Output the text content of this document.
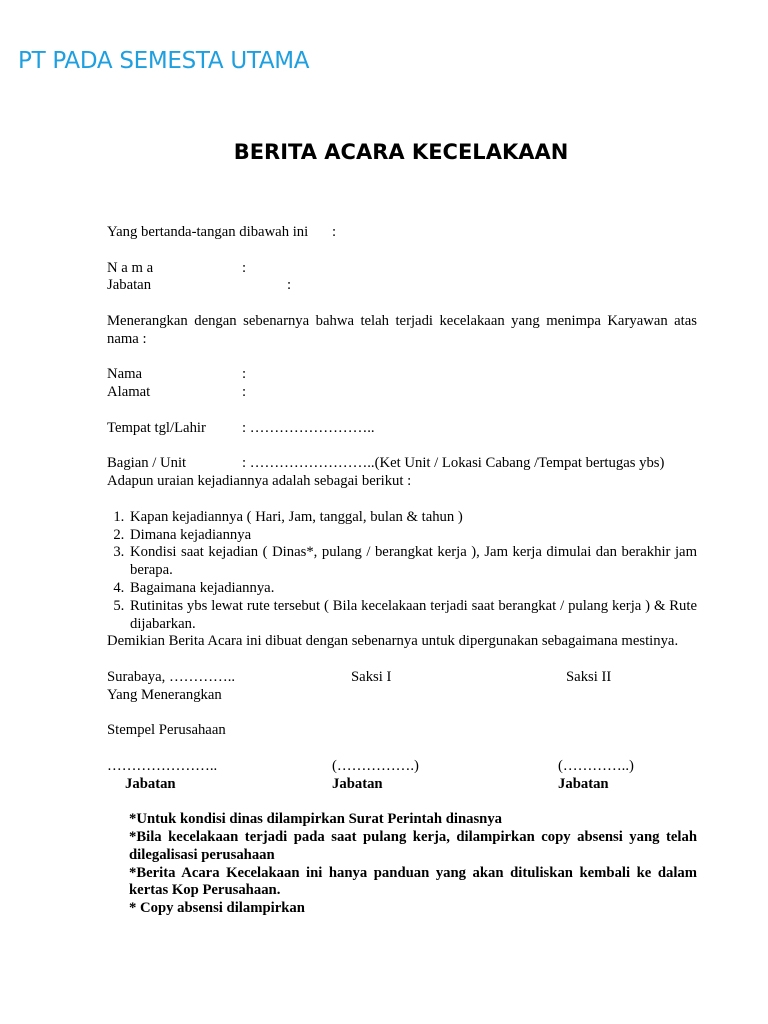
PT PADA SEMESTA UTAMA
BERITA ACARA KECELAKAAN
Yang bertanda-tangan dibawah ini :
N a m a	:
Jabatan	:
Menerangkan dengan sebenarnya bahwa telah terjadi kecelakaan yang menimpa Karyawan atas nama :
Nama	:
Alamat	:
Tempat tgl/Lahir : ……………………..
Bagian / Unit	: ……………………..(Ket Unit / Lokasi Cabang /Tempat bertugas ybs)
Adapun uraian kejadiannya adalah sebagai berikut :
1. Kapan kejadiannya ( Hari, Jam, tanggal, bulan & tahun )
2. Dimana kejadiannya
3. Kondisi saat kejadian ( Dinas*, pulang / berangkat kerja ), Jam kerja dimulai dan berakhir jam berapa.
4. Bagaimana kejadiannya.
5. Rutinitas ybs lewat rute tersebut ( Bila kecelakaan terjadi saat berangkat / pulang kerja ) & Rute dijabarkan.
Demikian Berita Acara ini dibuat dengan sebenarnya untuk dipergunakan sebagaimana mestinya.
Surabaya, …………..	Saksi I	Saksi II
Yang Menerangkan
Stempel Perusahaan
…………………..	(…………….)	(…………..)
Jabatan	Jabatan	Jabatan

*Untuk kondisi dinas dilampirkan Surat Perintah dinasnya

*Bila kecelakaan terjadi pada saat pulang kerja, dilampirkan copy absensi yang telah dilegalisasi perusahaan

*Berita Acara Kecelakaan ini hanya panduan yang akan dituliskan kembali ke dalam kertas Kop Perusahaan.

* Copy absensi dilampirkan
